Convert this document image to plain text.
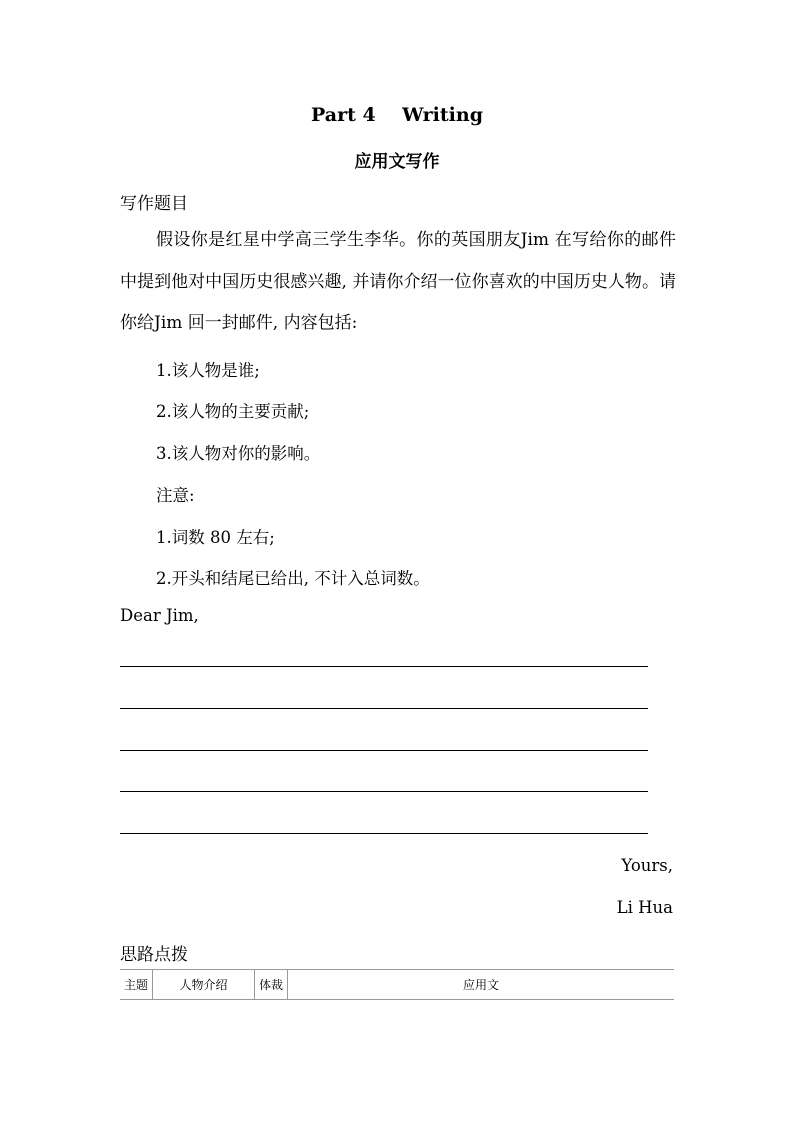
Part 4    Writing
应用文写作
写作题目

假设你是红星中学高三学生李华。你的英国朋友Jim 在写给你的邮件中提到他对中国历史很感兴趣, 并请你介绍一位你喜欢的中国历史人物。请你给Jim 回一封邮件, 内容包括:

1.该人物是谁;
2.该人物的主要贡献;
3.该人物对你的影响。
注意:
1.词数 80 左右;
2.开头和结尾已给出, 不计入总词数。
Dear Jim,
Yours,
Li Hua
思路点拨
主题	人物介绍	体裁	应用文
